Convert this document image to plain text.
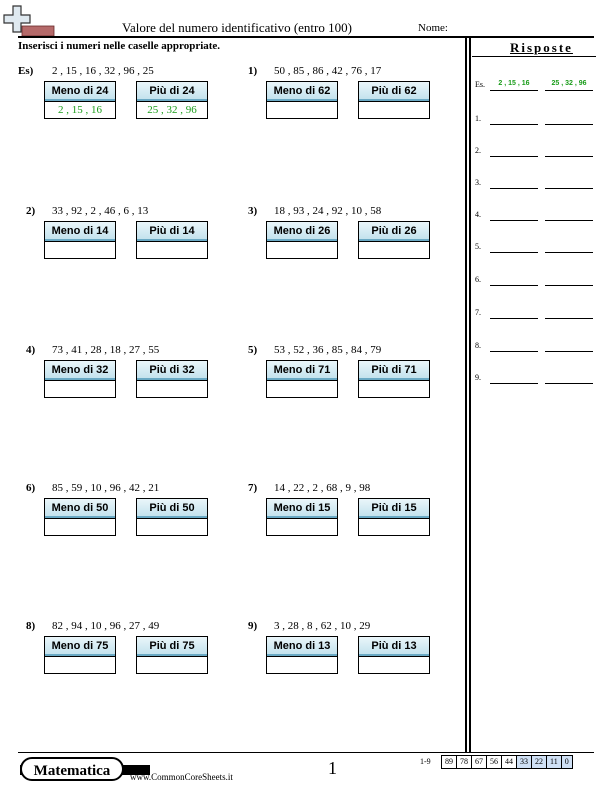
Valore del numero identificativo (entro 100)	Nome:
Inserisci i numeri nelle caselle appropriate.
Es) 2 , 15 , 16 , 32 , 96 , 25
Meno di 24
2 , 15 , 16
Più di 24
25 , 32 , 96
1) 50 , 85 , 86 , 42 , 76 , 17
Meno di 62	Più di 62
2) 33 , 92 , 2 , 46 , 6 , 13
Meno di 14	Più di 14
3) 18 , 93 , 24 , 92 , 10 , 58
Meno di 26	Più di 26
4) 73 , 41 , 28 , 18 , 27 , 55
Meno di 32	Più di 32
5) 53 , 52 , 36 , 85 , 84 , 79
Meno di 71	Più di 71
6) 85 , 59 , 10 , 96 , 42 , 21
Meno di 50	Più di 50
7) 14 , 22 , 2 , 68 , 9 , 98
Meno di 15	Più di 15
8) 82 , 94 , 10 , 96 , 27 , 49
Meno di 75	Più di 75
9) 3 , 28 , 8 , 62 , 10 , 29
Meno di 13	Più di 13
Risposte
Es.	2 , 15 , 16	25 , 32 , 96
1.
2.
3.
4.
5.
6.
7.
8.
9.
Matematica	www.CommonCoreSheets.it	1	1-9	89 78 67 56 44 33 22 11 0
